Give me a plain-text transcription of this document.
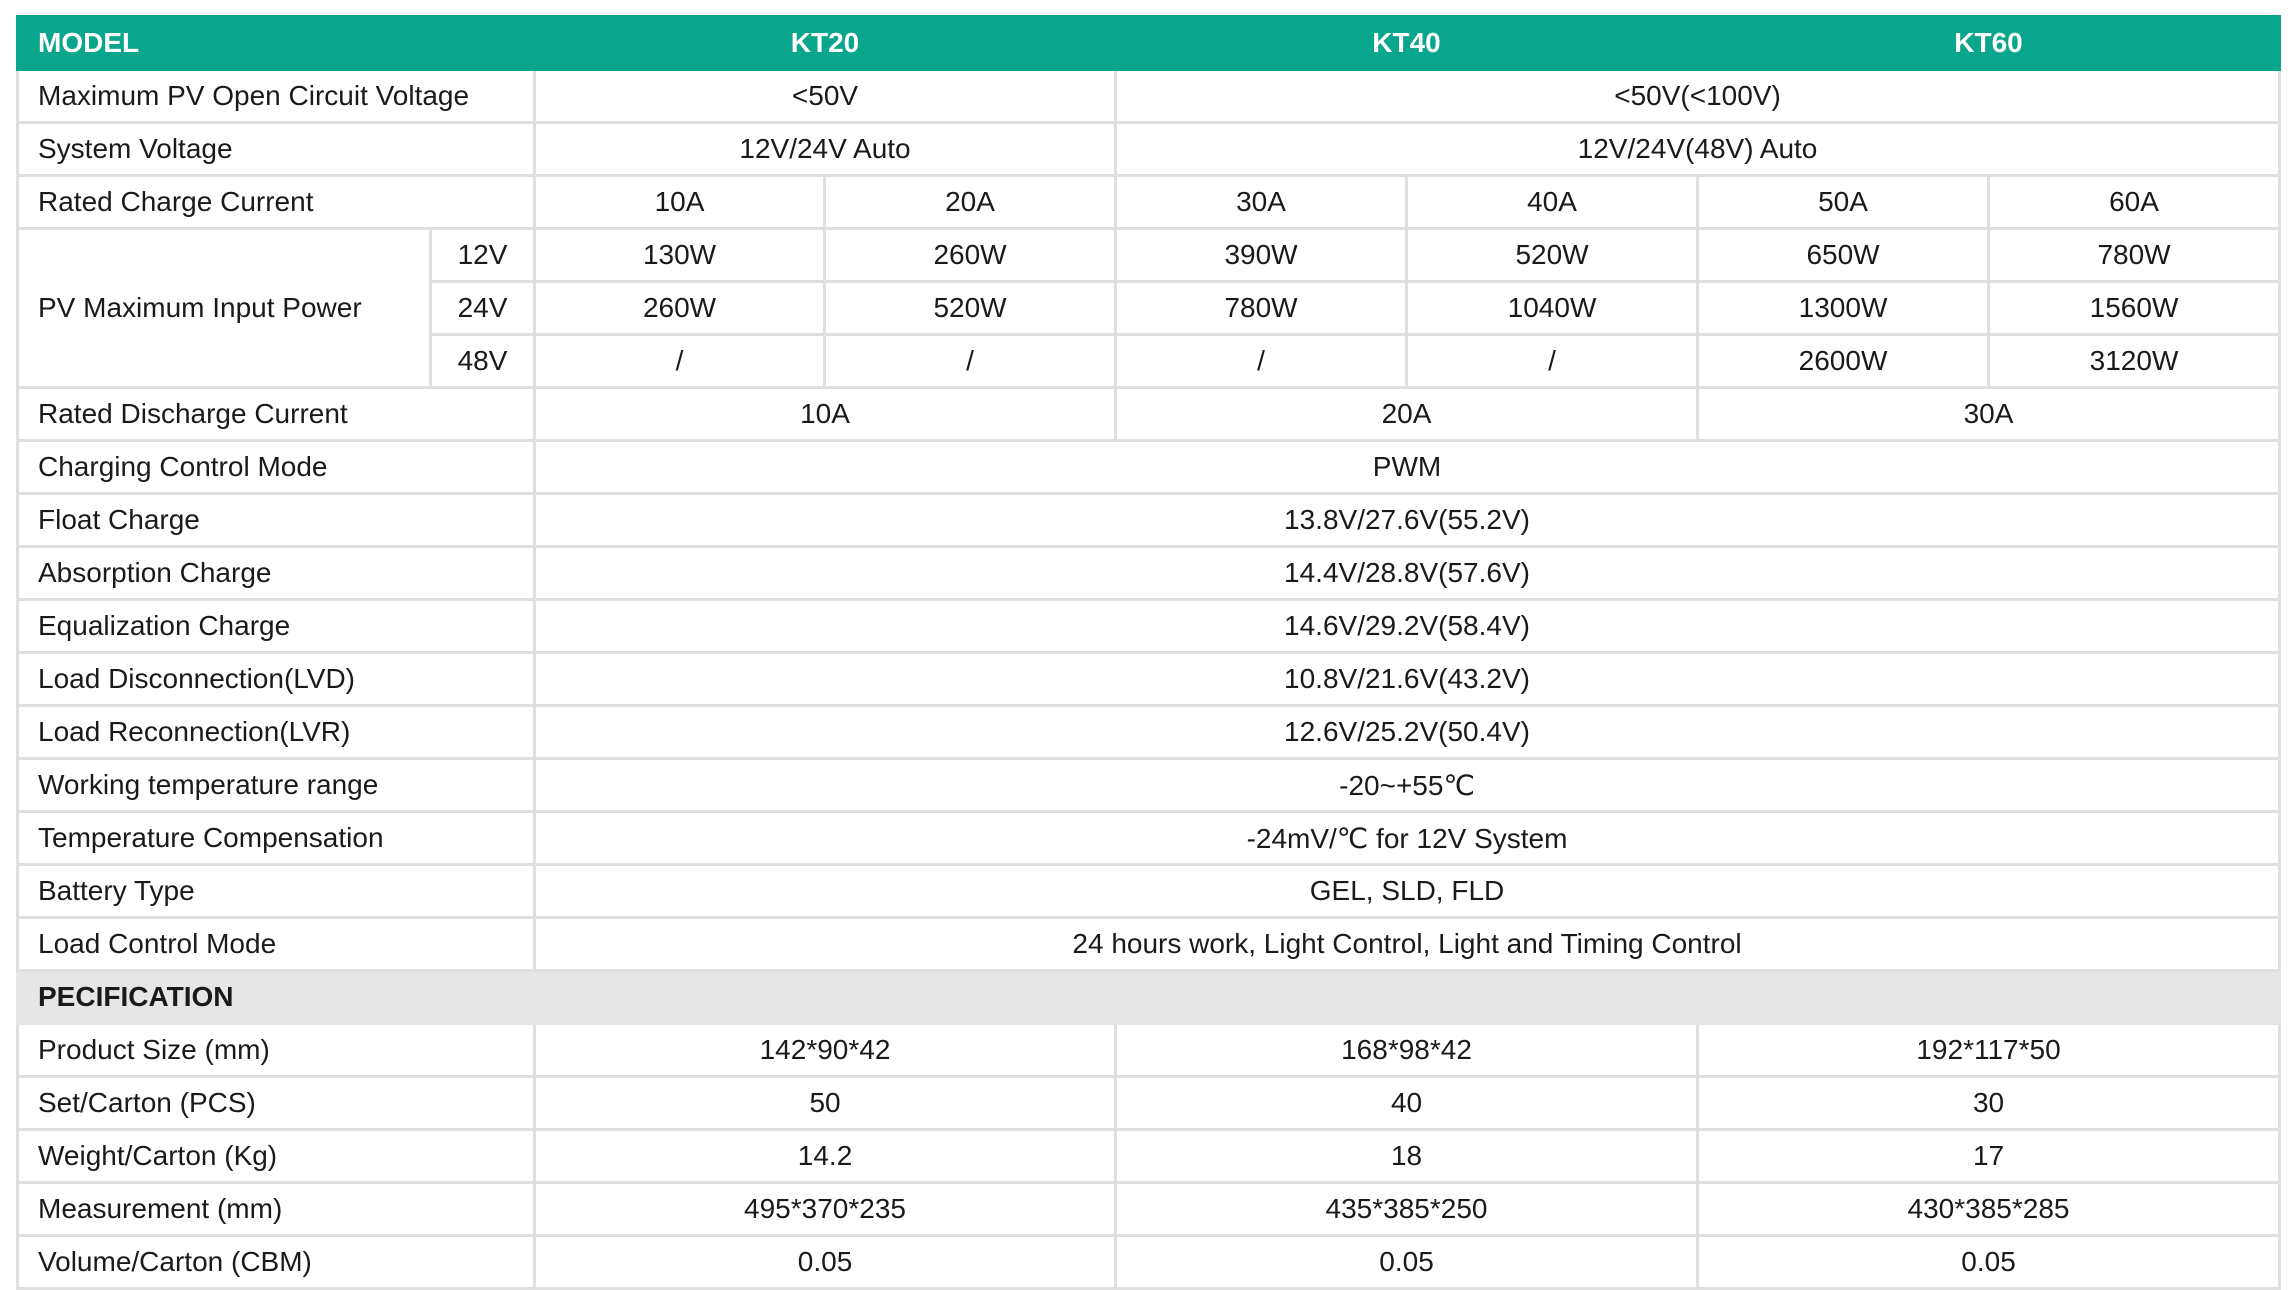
MODEL		KT20		KT40		KT60	
Maximum PV Open Circuit Voltage		<50V		<50V(<100V)			
System Voltage		12V/24V Auto		12V/24V(48V) Auto			
Rated Charge Current		10A	20A	30A	40A	50A	60A
PV Maximum Input Power	12V	130W	260W	390W	520W	650W	780W
	24V	260W	520W	780W	1040W	1300W	1560W
	48V	/	/	/	/	2600W	3120W
Rated Discharge Current		10A		20A		30A	
Charging Control Mode		PWM					
Float Charge		13.8V/27.6V(55.2V)					
Absorption Charge		14.4V/28.8V(57.6V)					
Equalization Charge		14.6V/29.2V(58.4V)					
Load Disconnection(LVD)		10.8V/21.6V(43.2V)					
Load Reconnection(LVR)		12.6V/25.2V(50.4V)					
Working temperature range		-20~+55℃					
Temperature Compensation		-24mV/℃ for 12V System					
Battery Type		GEL, SLD, FLD					
Load Control Mode		24 hours work, Light Control, Light and Timing Control					
PECIFICATION							
Product Size (mm)		142*90*42		168*98*42		192*117*50	
Set/Carton (PCS)		50		40		30	
Weight/Carton (Kg)		14.2		18		17	
Measurement (mm)		495*370*235		435*385*250		430*385*285	
Volume/Carton (CBM)		0.05		0.05		0.05	
